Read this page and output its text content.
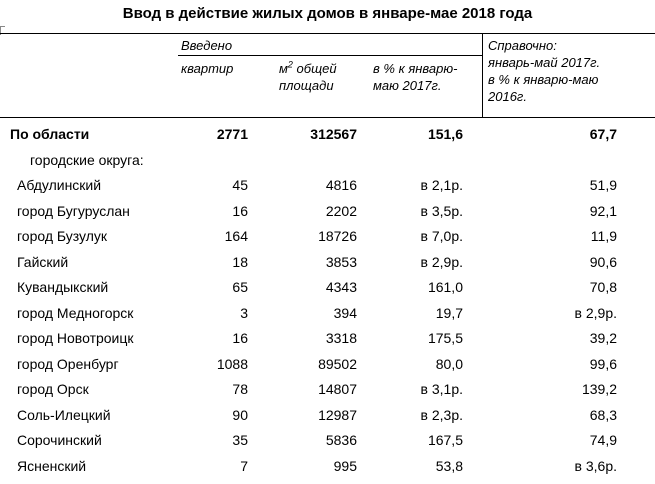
Ввод в действие жилых домов в январе-мае 2018 года
Введено
квартир	$м^2$ общей
площади
в % к январю-
маю 2017г.
Справочно:
январь-май 2017г.
в % к январю-маю
2016г.
По области	2771	312567	151,6	67,7
городские округа:
Абдулинский	45	4816	в 2,1р.	51,9
город Бугуруслан	16	2202	в 3,5р.	92,1
город Бузулук	164	18726	в 7,0р.	11,9
Гайский	18	3853	в 2,9р.	90,6
Кувандыкский	65	4343	161,0	70,8
город Медногорск	3	394	19,7	в 2,9р.
город Новотроицк	16	3318	175,5	39,2
город Оренбург	1088	89502	80,0	99,6
город Орск	78	14807	в 3,1р.	139,2
Соль-Илецкий	90	12987	в 2,3р.	68,3
Сорочинский	35	5836	167,5	74,9
Ясненский	7	995	53,8	в 3,6р.
